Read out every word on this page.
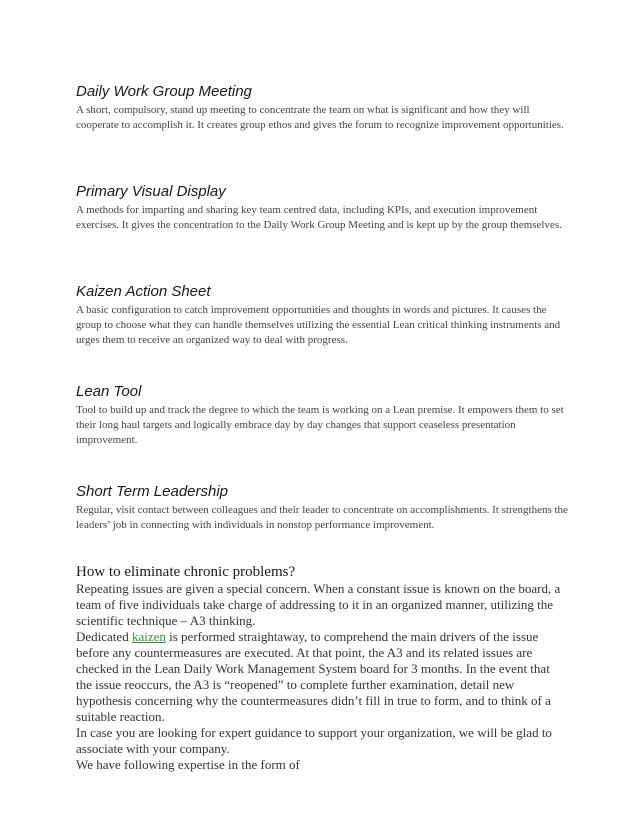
Daily Work Group Meeting

A short, compulsory, stand up meeting to concentrate the team on what is significant and how they will cooperate to accomplish it. It creates group ethos and gives the forum to recognize improvement opportunities.

Primary Visual Display

A methods for imparting and sharing key team centred data, including KPIs, and execution improvement exercises. It gives the concentration to the Daily Work Group Meeting and is kept up by the group themselves.

Kaizen Action Sheet

A basic configuration to catch improvement opportunities and thoughts in words and pictures. It causes the group to choose what they can handle themselves utilizing the essential Lean critical thinking instruments and urges them to receive an organized way to deal with progress.

Lean Tool

Tool to build up and track the degree to which the team is working on a Lean premise. It empowers them to set their long haul targets and logically embrace day by day changes that support ceaseless presentation improvement.

Short Term Leadership

Regular, visit contact between colleagues and their leader to concentrate on accomplishments. It strengthens the leaders’ job in connecting with individuals in nonstop performance improvement.

How to eliminate chronic problems?

Repeating issues are given a special concern. When a constant issue is known on the board, a team of five individuals take charge of addressing to it in an organized manner, utilizing the scientific technique – A3 thinking.

Dedicated kaizen is performed straightaway, to comprehend the main drivers of the issue before any countermeasures are executed. At that point, the A3 and its related issues are checked in the Lean Daily Work Management System board for 3 months. In the event that the issue reoccurs, the A3 is “reopened” to complete further examination, detail new hypothesis concerning why the countermeasures didn’t fill in true to form, and to think of a suitable reaction.

In case you are looking for expert guidance to support your organization, we will be glad to associate with your company.

We have following expertise in the form of
